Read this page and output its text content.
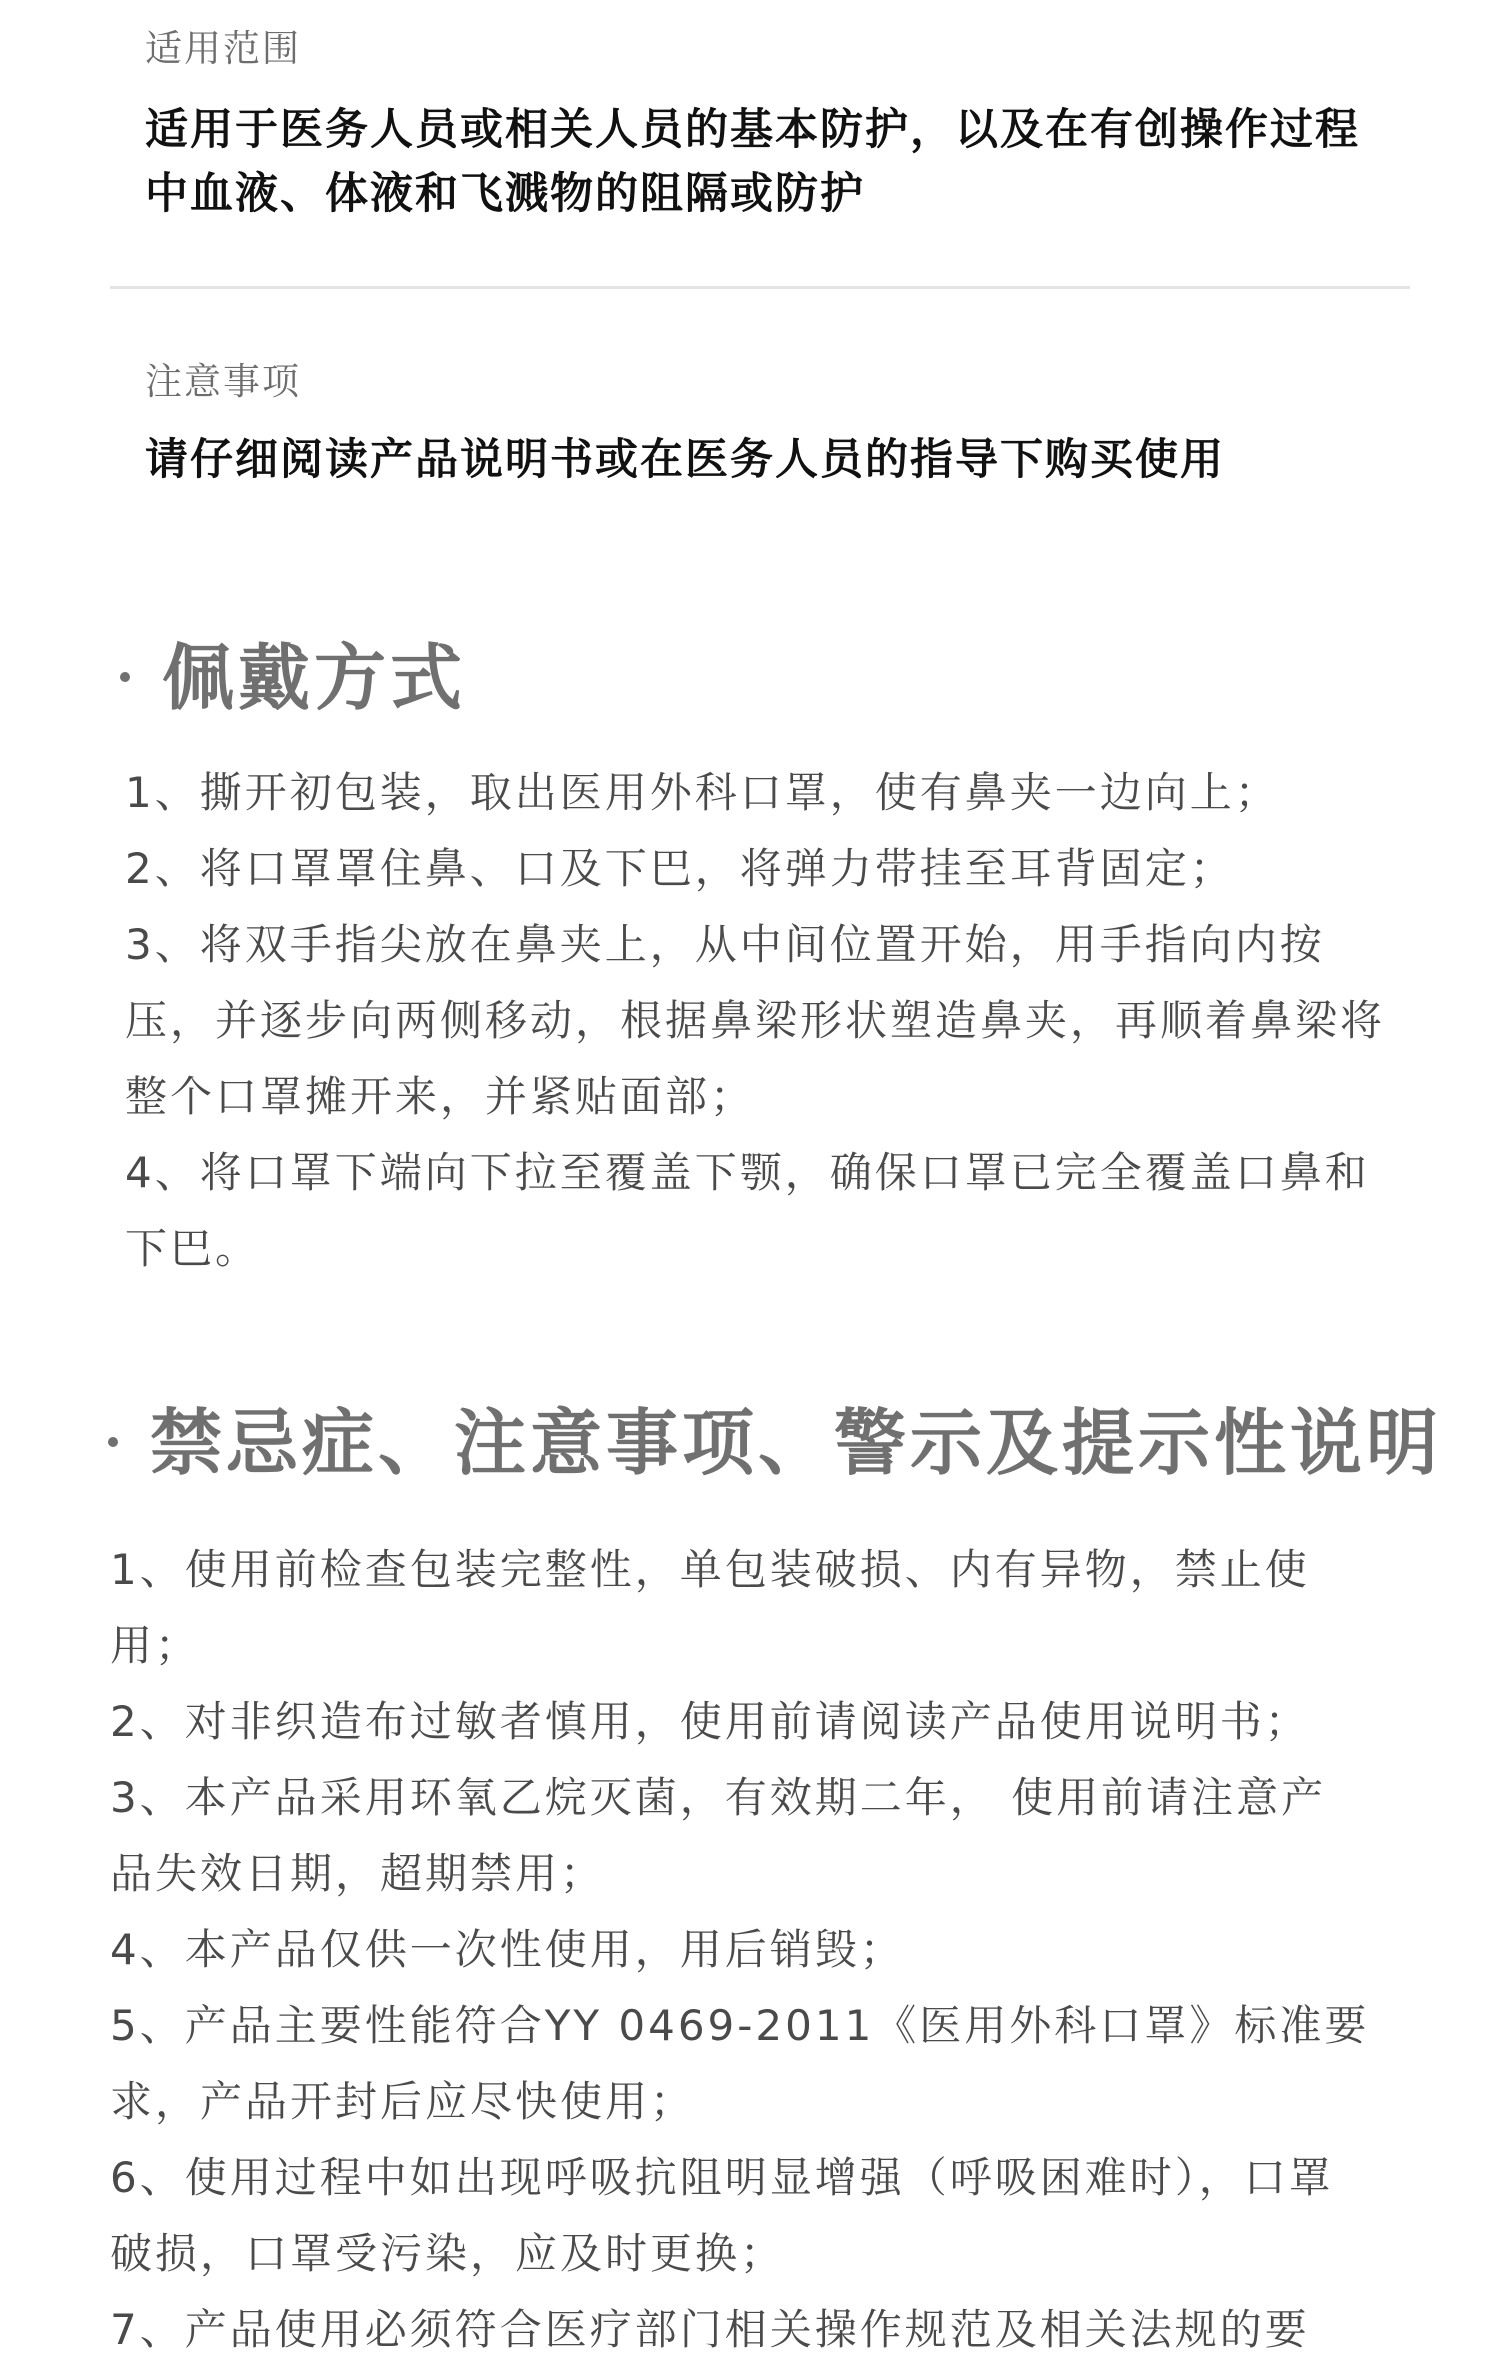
适用范围
适用于医务人员或相关人员的基本防护，以及在有创操作过程中血液、体液和飞溅物的阻隔或防护
注意事项
请仔细阅读产品说明书或在医务人员的指导下购买使用
佩戴方式
1、撕开初包装，取出医用外科口罩，使有鼻夹一边向上；
2、将口罩罩住鼻、口及下巴，将弹力带挂至耳背固定；
3、将双手指尖放在鼻夹上，从中间位置开始，用手指向内按压，并逐步向两侧移动，根据鼻梁形状塑造鼻夹，再顺着鼻梁将整个口罩摊开来，并紧贴面部；
4、将口罩下端向下拉至覆盖下颚，确保口罩已完全覆盖口鼻和下巴。
禁忌症、注意事项、警示及提示性说明
1、使用前检查包装完整性，单包装破损、内有异物，禁止使用；
2、对非织造布过敏者慎用，使用前请阅读产品使用说明书；
3、本产品采用环氧乙烷灭菌，有效期二年， 使用前请注意产品失效日期，超期禁用；
4、本产品仅供一次性使用，用后销毁；
5、产品主要性能符合YY 0469-2011《医用外科口罩》标准要求，产品开封后应尽快使用；
6、使用过程中如出现呼吸抗阻明显增强（呼吸困难时），口罩破损，口罩受污染，应及时更换；
7、产品使用必须符合医疗部门相关操作规范及相关法规的要
